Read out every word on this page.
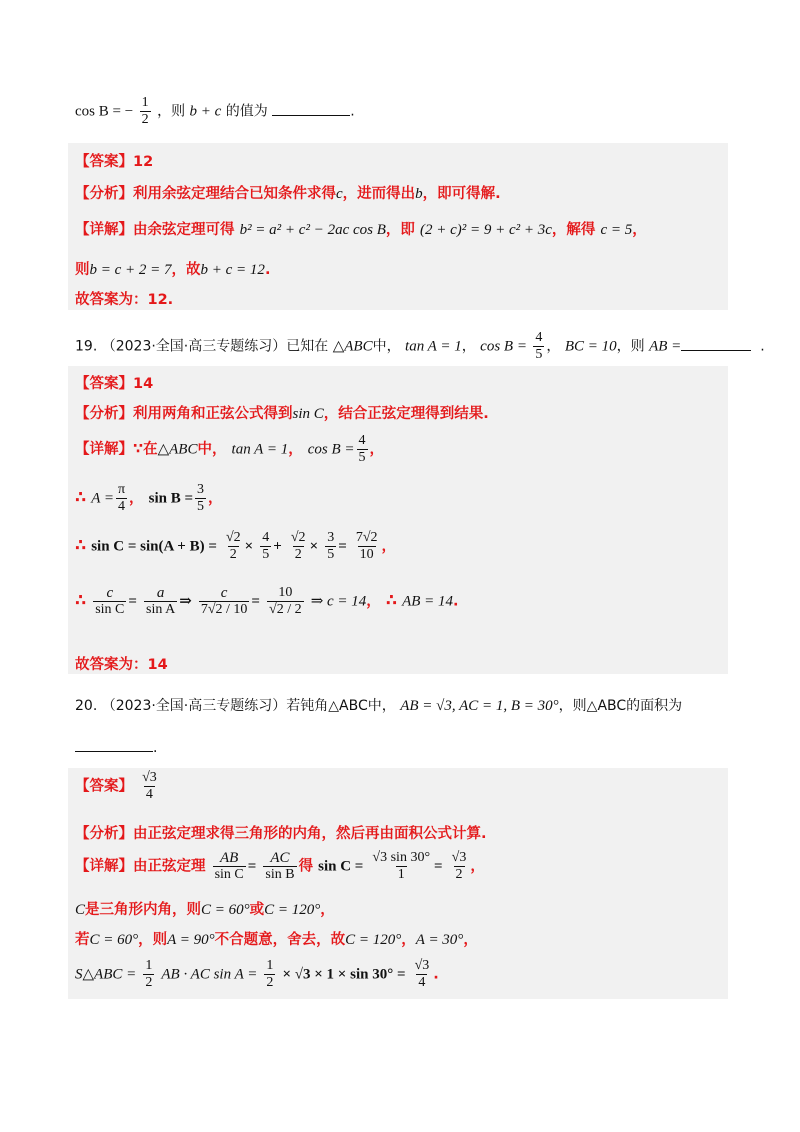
cos B = − $\frac{1}{2}$ ，则 b + c 的值为	.
【答案】12
【分析】利用余弦定理结合已知条件求得c，进而得出b，即可得解.
【详解】由余弦定理可得 b² = a² + c² − 2ac cos B，即 (2 + c)² = 9 + c² + 3c，解得 c = 5，
则b = c + 2 = 7，故b + c = 12.
故答案为：12.
19. （2023·全国·高三专题练习）已知在 △ABC中， tan A = 1， $\cos B = \frac{4}{5}$ ， BC = 10，则 AB =	.
【答案】14
【分析】利用两角和正弦公式得到sin C，结合正弦定理得到结果.
【详解】∵在△ABC中， tan A = 1， $\cos B = \frac{4}{5}$ ，
∴ $A = \frac{\pi}{4}$ ， $\sin B = \frac{3}{5}$ ，
∴ $\sin C = \sin(A + B) = \frac{√2}{2} \times \frac{4}{5} + \frac{√2}{2} \times \frac{3}{5} = \frac{7√2}{10}$ ，
∴ $\frac{c}{\text{sin C}} = \frac{a}{\text{sin A}}$ ⇒ $\frac{c}{7√2 / 10} = \frac{10}{√2 / 2}$ ⇒ c = 14， ∴ AB = 14.
故答案为：14
20. （2023·全国·高三专题练习）若钝角△ABC中， AB = √3, AC = 1, B = 30°，则△ABC的面积为
.
【答案】 $\frac{√3}{4}$
【分析】由正弦定理求得三角形的内角，然后再由面积公式计算.
【详解】由正弦定理 $\frac{AB}{\text{sin C}} = \frac{AC}{\text{sin B}}$ 得 $\sin C = \frac{√3 \sin 30^\circ}{1} = \frac{√3}{2}$ ，
C是三角形内角，则C = 60°或C = 120°，
若C = 60°，则A = 90°不合题意，舍去，故C = 120°，A = 30°，
S△ABC = $\frac{1}{2}$ AB · AC $\sin A = \frac{1}{2} \times √3 \times 1 \times \sin 30^\circ = \frac{√3}{4}$ .
